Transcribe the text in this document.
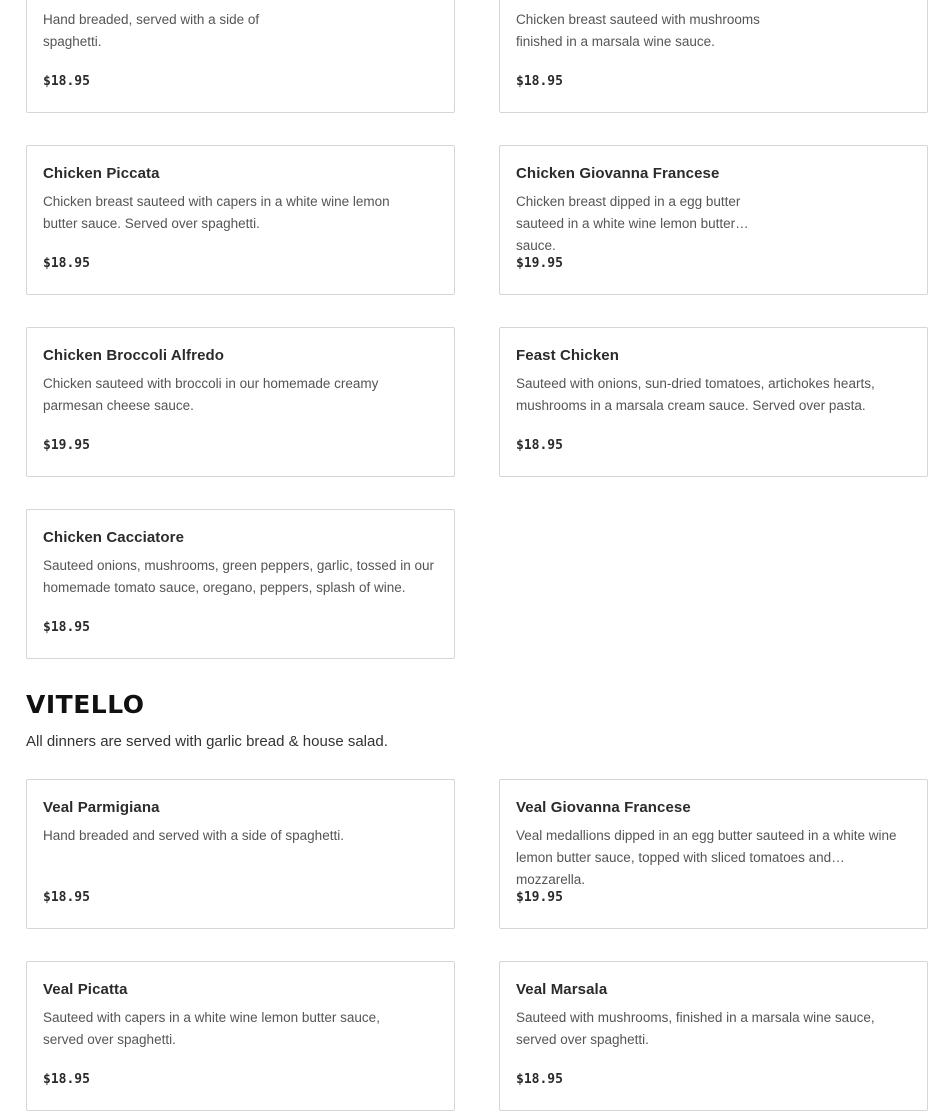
Hand breaded, served with a side of spaghetti.
$18.95
Chicken breast sauteed with mushrooms finished in a marsala wine sauce.
$18.95
Chicken Piccata
Chicken breast sauteed with capers in a white wine lemon butter sauce. Served over spaghetti.
$18.95
Chicken Giovanna Francese
Chicken breast dipped in a egg butter sauteed in a white wine lemon butter sauce.
$19.95
Chicken Broccoli Alfredo
Chicken sauteed with broccoli in our homemade creamy parmesan cheese sauce.
$19.95
Feast Chicken
Sauteed with onions, sun-dried tomatoes, artichokes hearts, mushrooms in a marsala cream sauce. Served over pasta.
$18.95
Chicken Cacciatore
Sauteed onions, mushrooms, green peppers, garlic, tossed in our homemade tomato sauce, oregano, peppers, splash of wine.
$18.95
VITELLO
All dinners are served with garlic bread & house salad.
Veal Parmigiana
Hand breaded and served with a side of spaghetti.
$18.95
Veal Giovanna Francese
Veal medallions dipped in an egg butter sauteed in a white wine lemon butter sauce, topped with sliced tomatoes and mozzarella.
$19.95
Veal Picatta
Sauteed with capers in a white wine lemon butter sauce, served over spaghetti.
$18.95
Veal Marsala
Sauteed with mushrooms, finished in a marsala wine sauce, served over spaghetti.
$18.95
